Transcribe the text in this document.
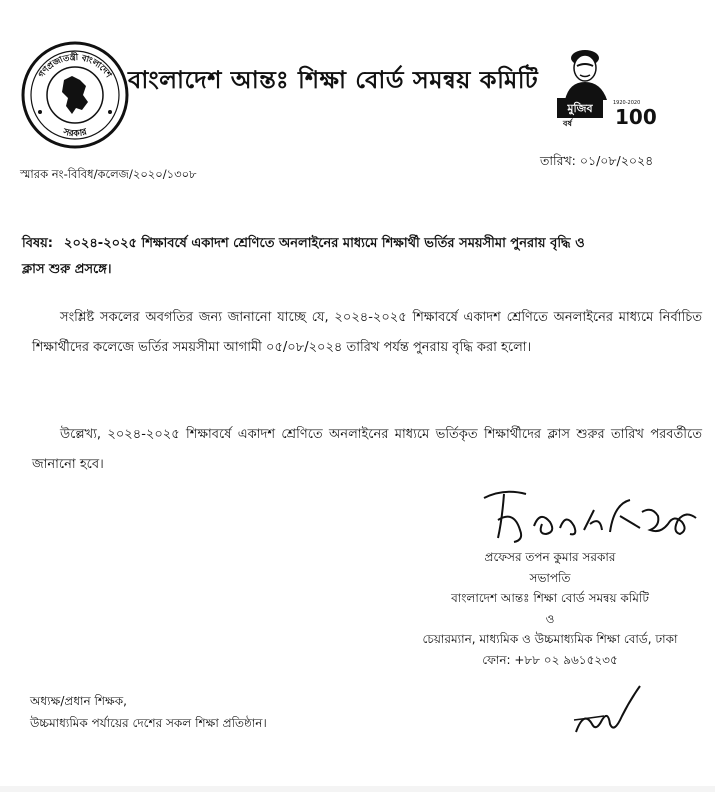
গণপ্রজাতন্ত্রী বাংলাদেশ
সরকার
বাংলাদেশ আন্তঃ শিক্ষা বোর্ড সমন্বয় কমিটি
মুজিব
বর্ষ
1920-2020
100
স্মারক নং-বিবিধ/কলেজ/২০২০/১৩০৮
তারিখ: ০১/০৮/২০২৪
বিষয়: ২০২৪-২০২৫ শিক্ষাবর্ষে একাদশ শ্রেণিতে অনলাইনের মাধ্যমে শিক্ষার্থী ভর্তির সময়সীমা পুনরায় বৃদ্ধি ও
ক্লাস শুরু প্রসঙ্গে।

সংশ্লিষ্ট সকলের অবগতির জন্য জানানো যাচ্ছে যে, ২০২৪-২০২৫ শিক্ষাবর্ষে একাদশ শ্রেণিতে অনলাইনের মাধ্যমে নির্বাচিত শিক্ষার্থীদের কলেজে ভর্তির সময়সীমা আগামী ০৫/০৮/২০২৪ তারিখ পর্যন্ত পুনরায় বৃদ্ধি করা হলো।

উল্লেখ্য, ২০২৪-২০২৫ শিক্ষাবর্ষে একাদশ শ্রেণিতে অনলাইনের মাধ্যমে ভর্তিকৃত শিক্ষার্থীদের ক্লাস শুরুর তারিখ পরবর্তীতে জানানো হবে।

প্রফেসর তপন কুমার সরকার
সভাপতি
বাংলাদেশ আন্তঃ শিক্ষা বোর্ড সমন্বয় কমিটি
ও
চেয়ারম্যান, মাধ্যমিক ও উচ্চমাধ্যমিক শিক্ষা বোর্ড, ঢাকা
ফোন: +৮৮ ০২ ৯৬১৫২৩৫
অধ্যক্ষ/প্রধান শিক্ষক,
উচ্চমাধ্যমিক পর্যায়ের দেশের সকল শিক্ষা প্রতিষ্ঠান।
